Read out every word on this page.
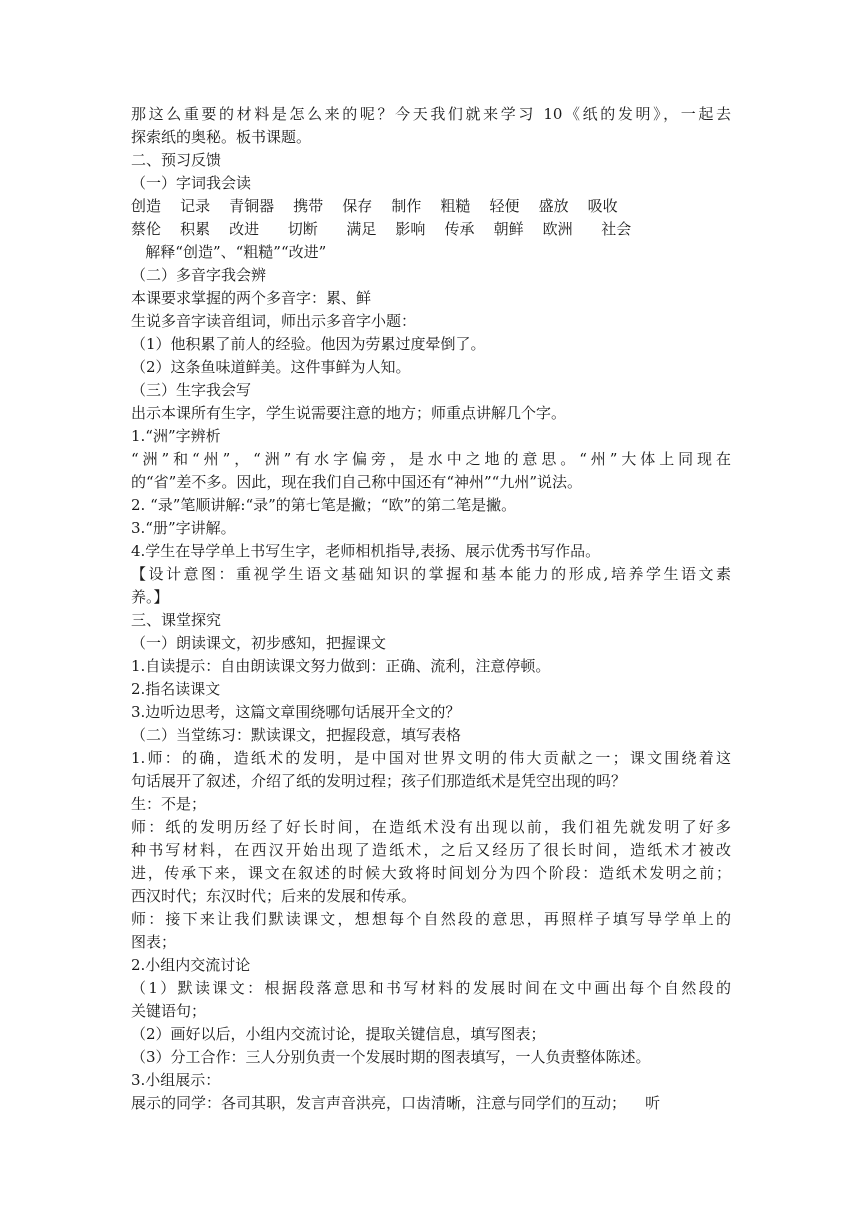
那这么重要的材料是怎么来的呢？今天我们就来学习 10《纸的发明》，一起去
探索纸的奥秘。板书课题。
二、预习反馈
（一）字词我会读
创造    记录    青铜器    携带    保存    制作    粗糙    轻便    盛放    吸收
蔡伦    积累    改进      切断      满足    影响    传承    朝鲜    欧洲      社会
解释“创造”、“粗糙”“改进”
（二）多音字我会辨
本课要求掌握的两个多音字：累、鲜
生说多音字读音组词，师出示多音字小题：
（1）他积累了前人的经验。他因为劳累过度晕倒了。
（2）这条鱼味道鲜美。这件事鲜为人知。
（三）生字我会写
出示本课所有生字，学生说需要注意的地方；师重点讲解几个字。
1.“洲”字辨析
“洲”和“州”，“洲”有水字偏旁，是水中之地的意思。“州”大体上同现在
的“省”差不多。因此，现在我们自己称中国还有“神州”“九州”说法。
2. “录”笔顺讲解:“录”的第七笔是撇；“欧”的第二笔是撇。
3.“册”字讲解。
4.学生在导学单上书写生字，老师相机指导,表扬、展示优秀书写作品。
【设计意图：重视学生语文基础知识的掌握和基本能力的形成,培养学生语文素
养。】
三、课堂探究
（一）朗读课文，初步感知，把握课文
1.自读提示：自由朗读课文努力做到：正确、流利，注意停顿。
2.指名读课文
3.边听边思考，这篇文章围绕哪句话展开全文的？
（二）当堂练习：默读课文，把握段意，填写表格
1.师：的确，造纸术的发明，是中国对世界文明的伟大贡献之一；课文围绕着这
句话展开了叙述，介绍了纸的发明过程；孩子们那造纸术是凭空出现的吗？
生：不是；
师：纸的发明历经了好长时间，在造纸术没有出现以前，我们祖先就发明了好多
种书写材料，在西汉开始出现了造纸术，之后又经历了很长时间，造纸术才被改
进，传承下来，课文在叙述的时候大致将时间划分为四个阶段：造纸术发明之前；
西汉时代；东汉时代；后来的发展和传承。
师：接下来让我们默读课文，想想每个自然段的意思，再照样子填写导学单上的
图表；
2.小组内交流讨论
（1）默读课文：根据段落意思和书写材料的发展时间在文中画出每个自然段的
关键语句；
（2）画好以后，小组内交流讨论，提取关键信息，填写图表；
（3）分工合作：三人分别负责一个发展时期的图表填写，一人负责整体陈述。
3.小组展示：
展示的同学：各司其职，发言声音洪亮，口齿清晰，注意与同学们的互动；    听
